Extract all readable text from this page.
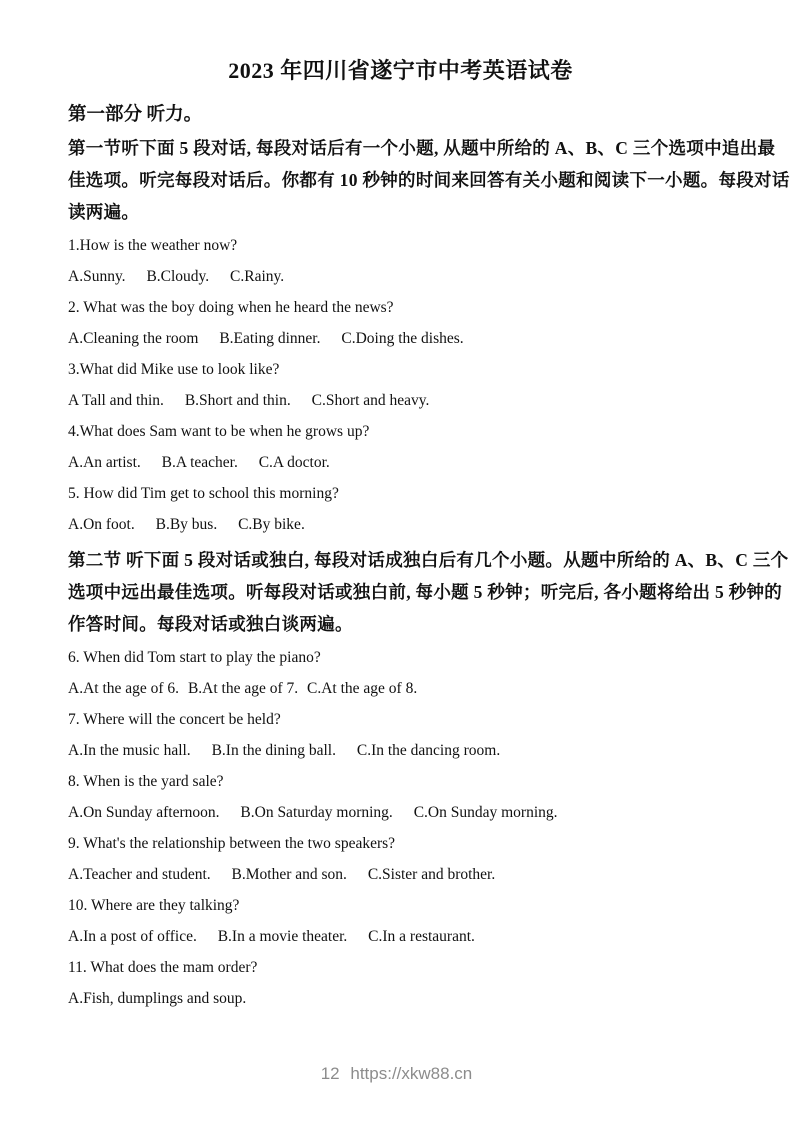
2023 年四川省遂宁市中考英语试卷
第一部分 听力。
第一节听下面 5 段对话, 每段对话后有一个小题, 从题中所给的 A、B、C 三个选项中追出最
佳选项。听完每段对话后。你都有 10 秒钟的时间来回答有关小题和阅读下一小题。每段对话
读两遍。
1.How is the weather now?
A.Sunny. B.Cloudy. C.Rainy.
2. What was the boy doing when he heard the news?
A.Cleaning the room B.Eating dinner. C.Doing the dishes.
3.What did Mike use to look like?
A Tall and thin. B.Short and thin. C.Short and heavy.
4.What does Sam want to be when he grows up?
A.An artist. B.A teacher. C.A doctor.
5. How did Tim get to school this morning?
A.On foot. B.By bus. C.By bike.
第二节 听下面 5 段对话或独白, 每段对话成独白后有几个小题。从题中所给的 A、B、C 三个
选项中远出最佳选项。听每段对话或独白前, 每小题 5 秒钟；听完后, 各小题将给出 5 秒钟的
作答时间。每段对话或独白谈两遍。
6. When did Tom start to play the piano?
A.At the age of 6. B.At the age of 7. C.At the age of 8.
7. Where will the concert be held?
A.In the music hall. B.In the dining ball. C.In the dancing room.
8. When is the yard sale?
A.On Sunday afternoon. B.On Saturday morning. C.On Sunday morning.
9. What's the relationship between the two speakers?
A.Teacher and student. B.Mother and son. C.Sister and brother.
10. Where are they talking?
A.In a post of office. B.In a movie theater. C.In a restaurant.
11. What does the mam order?
A.Fish, dumplings and soup.
12 https://xkw88.cn
